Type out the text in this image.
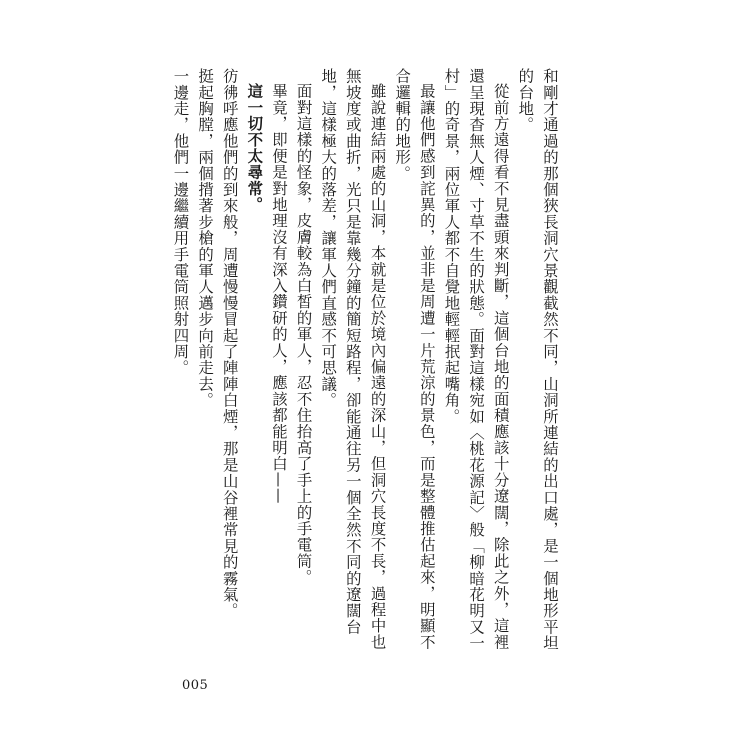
和剛才通過的那個狹長洞穴景觀截然不同，山洞所連結的出口處，是一個地形平坦的台地。

從前方遠得看不見盡頭來判斷，這個台地的面積應該十分遼闊，除此之外，這裡還呈現杳無人煙、寸草不生的狀態。面對這樣宛如〈桃花源記〉般「柳暗花明又一村」的奇景，兩位軍人都不自覺地輕輕抿起嘴角。

最讓他們感到詫異的，並非是周遭一片荒涼的景色，而是整體推估起來，明顯不合邏輯的地形。

雖說連結兩處的山洞，本就是位於境內偏遠的深山，但洞穴長度不長，過程中也無坡度或曲折，光只是靠幾分鐘的簡短路程，卻能通往另一個全然不同的遼闊台地，這樣極大的落差，讓軍人們直感不可思議。

面對這樣的怪象，皮膚較為白皙的軍人，忍不住抬高了手上的手電筒。

畢竟，即便是對地理沒有深入鑽研的人，應該都能明白——

這一切不太尋常。

彷彿呼應他們的到來般，周遭慢慢冒起了陣陣白煙，那是山谷裡常見的霧氣。

挺起胸膛，兩個揹著步槍的軍人邁步向前走去。

一邊走，他們一邊繼續用手電筒照射四周。

005
